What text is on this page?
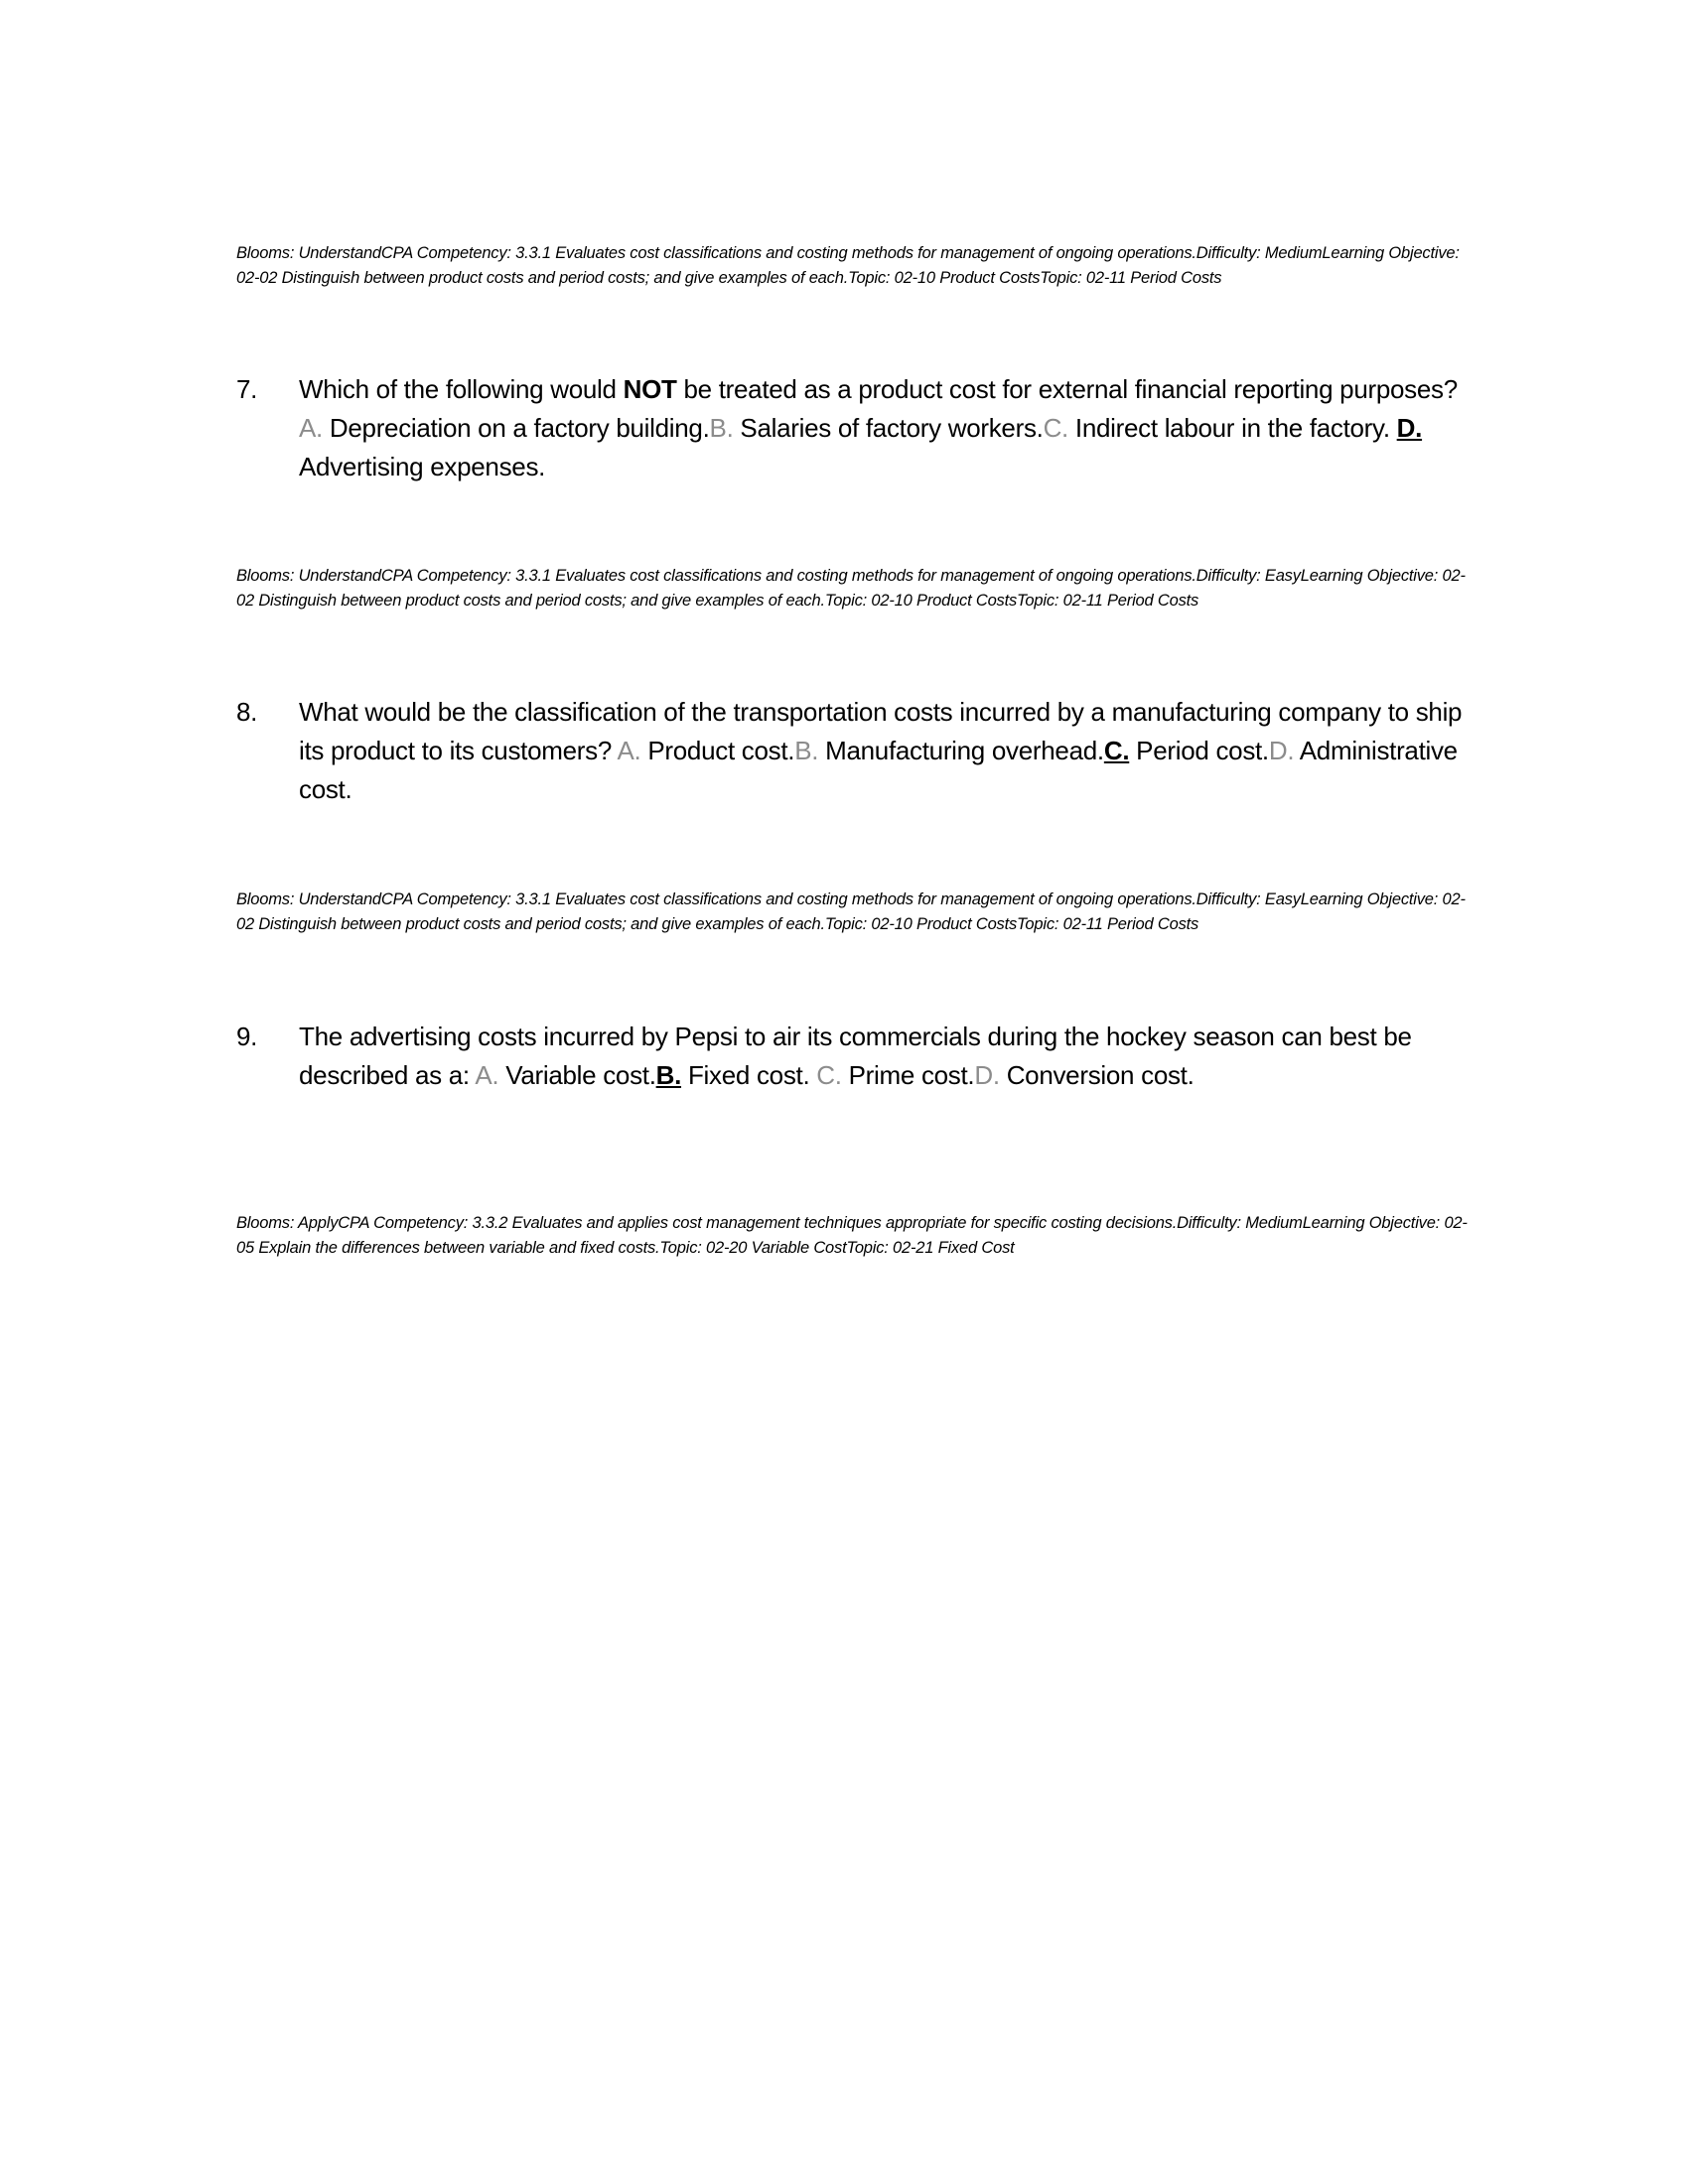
Blooms: UnderstandCPA Competency: 3.3.1 Evaluates cost classifications and costing methods for management of ongoing operations.Difficulty: MediumLearning Objective: 02-02 Distinguish between product costs and period costs; and give examples of each.Topic: 02-10 Product CostsTopic: 02-11 Period Costs
7. Which of the following would NOT be treated as a product cost for external financial reporting purposes? A. Depreciation on a factory building.B. Salaries of factory workers.C. Indirect labour in the factory. D. Advertising expenses.
Blooms: UnderstandCPA Competency: 3.3.1 Evaluates cost classifications and costing methods for management of ongoing operations.Difficulty: EasyLearning Objective: 02-02 Distinguish between product costs and period costs; and give examples of each.Topic: 02-10 Product CostsTopic: 02-11 Period Costs
8. What would be the classification of the transportation costs incurred by a manufacturing company to ship its product to its customers? A. Product cost.B. Manufacturing overhead.C. Period cost.D. Administrative cost.
Blooms: UnderstandCPA Competency: 3.3.1 Evaluates cost classifications and costing methods for management of ongoing operations.Difficulty: EasyLearning Objective: 02-02 Distinguish between product costs and period costs; and give examples of each.Topic: 02-10 Product CostsTopic: 02-11 Period Costs
9. The advertising costs incurred by Pepsi to air its commercials during the hockey season can best be described as a: A. Variable cost.B. Fixed cost. C. Prime cost.D. Conversion cost.
Blooms: ApplyCPA Competency: 3.3.2 Evaluates and applies cost management techniques appropriate for specific costing decisions.Difficulty: MediumLearning Objective: 02-05 Explain the differences between variable and fixed costs.Topic: 02-20 Variable CostTopic: 02-21 Fixed Cost
